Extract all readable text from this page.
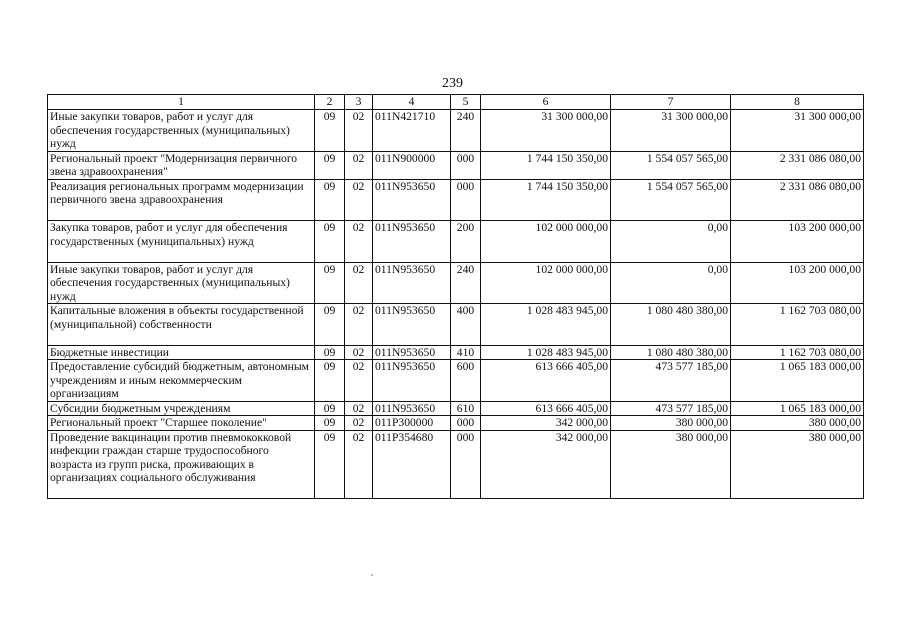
239
1	2	3	4	5	6	7	8
Иные закупки товаров, работ и услуг для обеспечения государственных (муниципальных) нужд	09	02	011N421710	240	31 300 000,00	31 300 000,00	31 300 000,00
Региональный проект "Модернизация первичного звена здравоохранения"	09	02	011N900000	000	1 744 150 350,00	1 554 057 565,00	2 331 086 080,00
Реализация региональных программ модернизации первичного звена здравоохранения	09	02	011N953650	000	1 744 150 350,00	1 554 057 565,00	2 331 086 080,00
Закупка товаров, работ и услуг для обеспечения государственных (муниципальных) нужд	09	02	011N953650	200	102 000 000,00	0,00	103 200 000,00
Иные закупки товаров, работ и услуг для обеспечения государственных (муниципальных) нужд	09	02	011N953650	240	102 000 000,00	0,00	103 200 000,00
Капитальные вложения в объекты государственной (муниципальной) собственности	09	02	011N953650	400	1 028 483 945,00	1 080 480 380,00	1 162 703 080,00
Бюджетные инвестиции	09	02	011N953650	410	1 028 483 945,00	1 080 480 380,00	1 162 703 080,00
Предоставление субсидий бюджетным, автономным учреждениям и иным некоммерческим организациям	09	02	011N953650	600	613 666 405,00	473 577 185,00	1 065 183 000,00
Субсидии бюджетным учреждениям	09	02	011N953650	610	613 666 405,00	473 577 185,00	1 065 183 000,00
Региональный проект "Старшее поколение"	09	02	011P300000	000	342 000,00	380 000,00	380 000,00
Проведение вакцинации против пневмококковой инфекции граждан старше трудоспособного возраста из групп риска, проживающих в организациях социального обслуживания	09	02	011P354680	000	342 000,00	380 000,00	380 000,00
